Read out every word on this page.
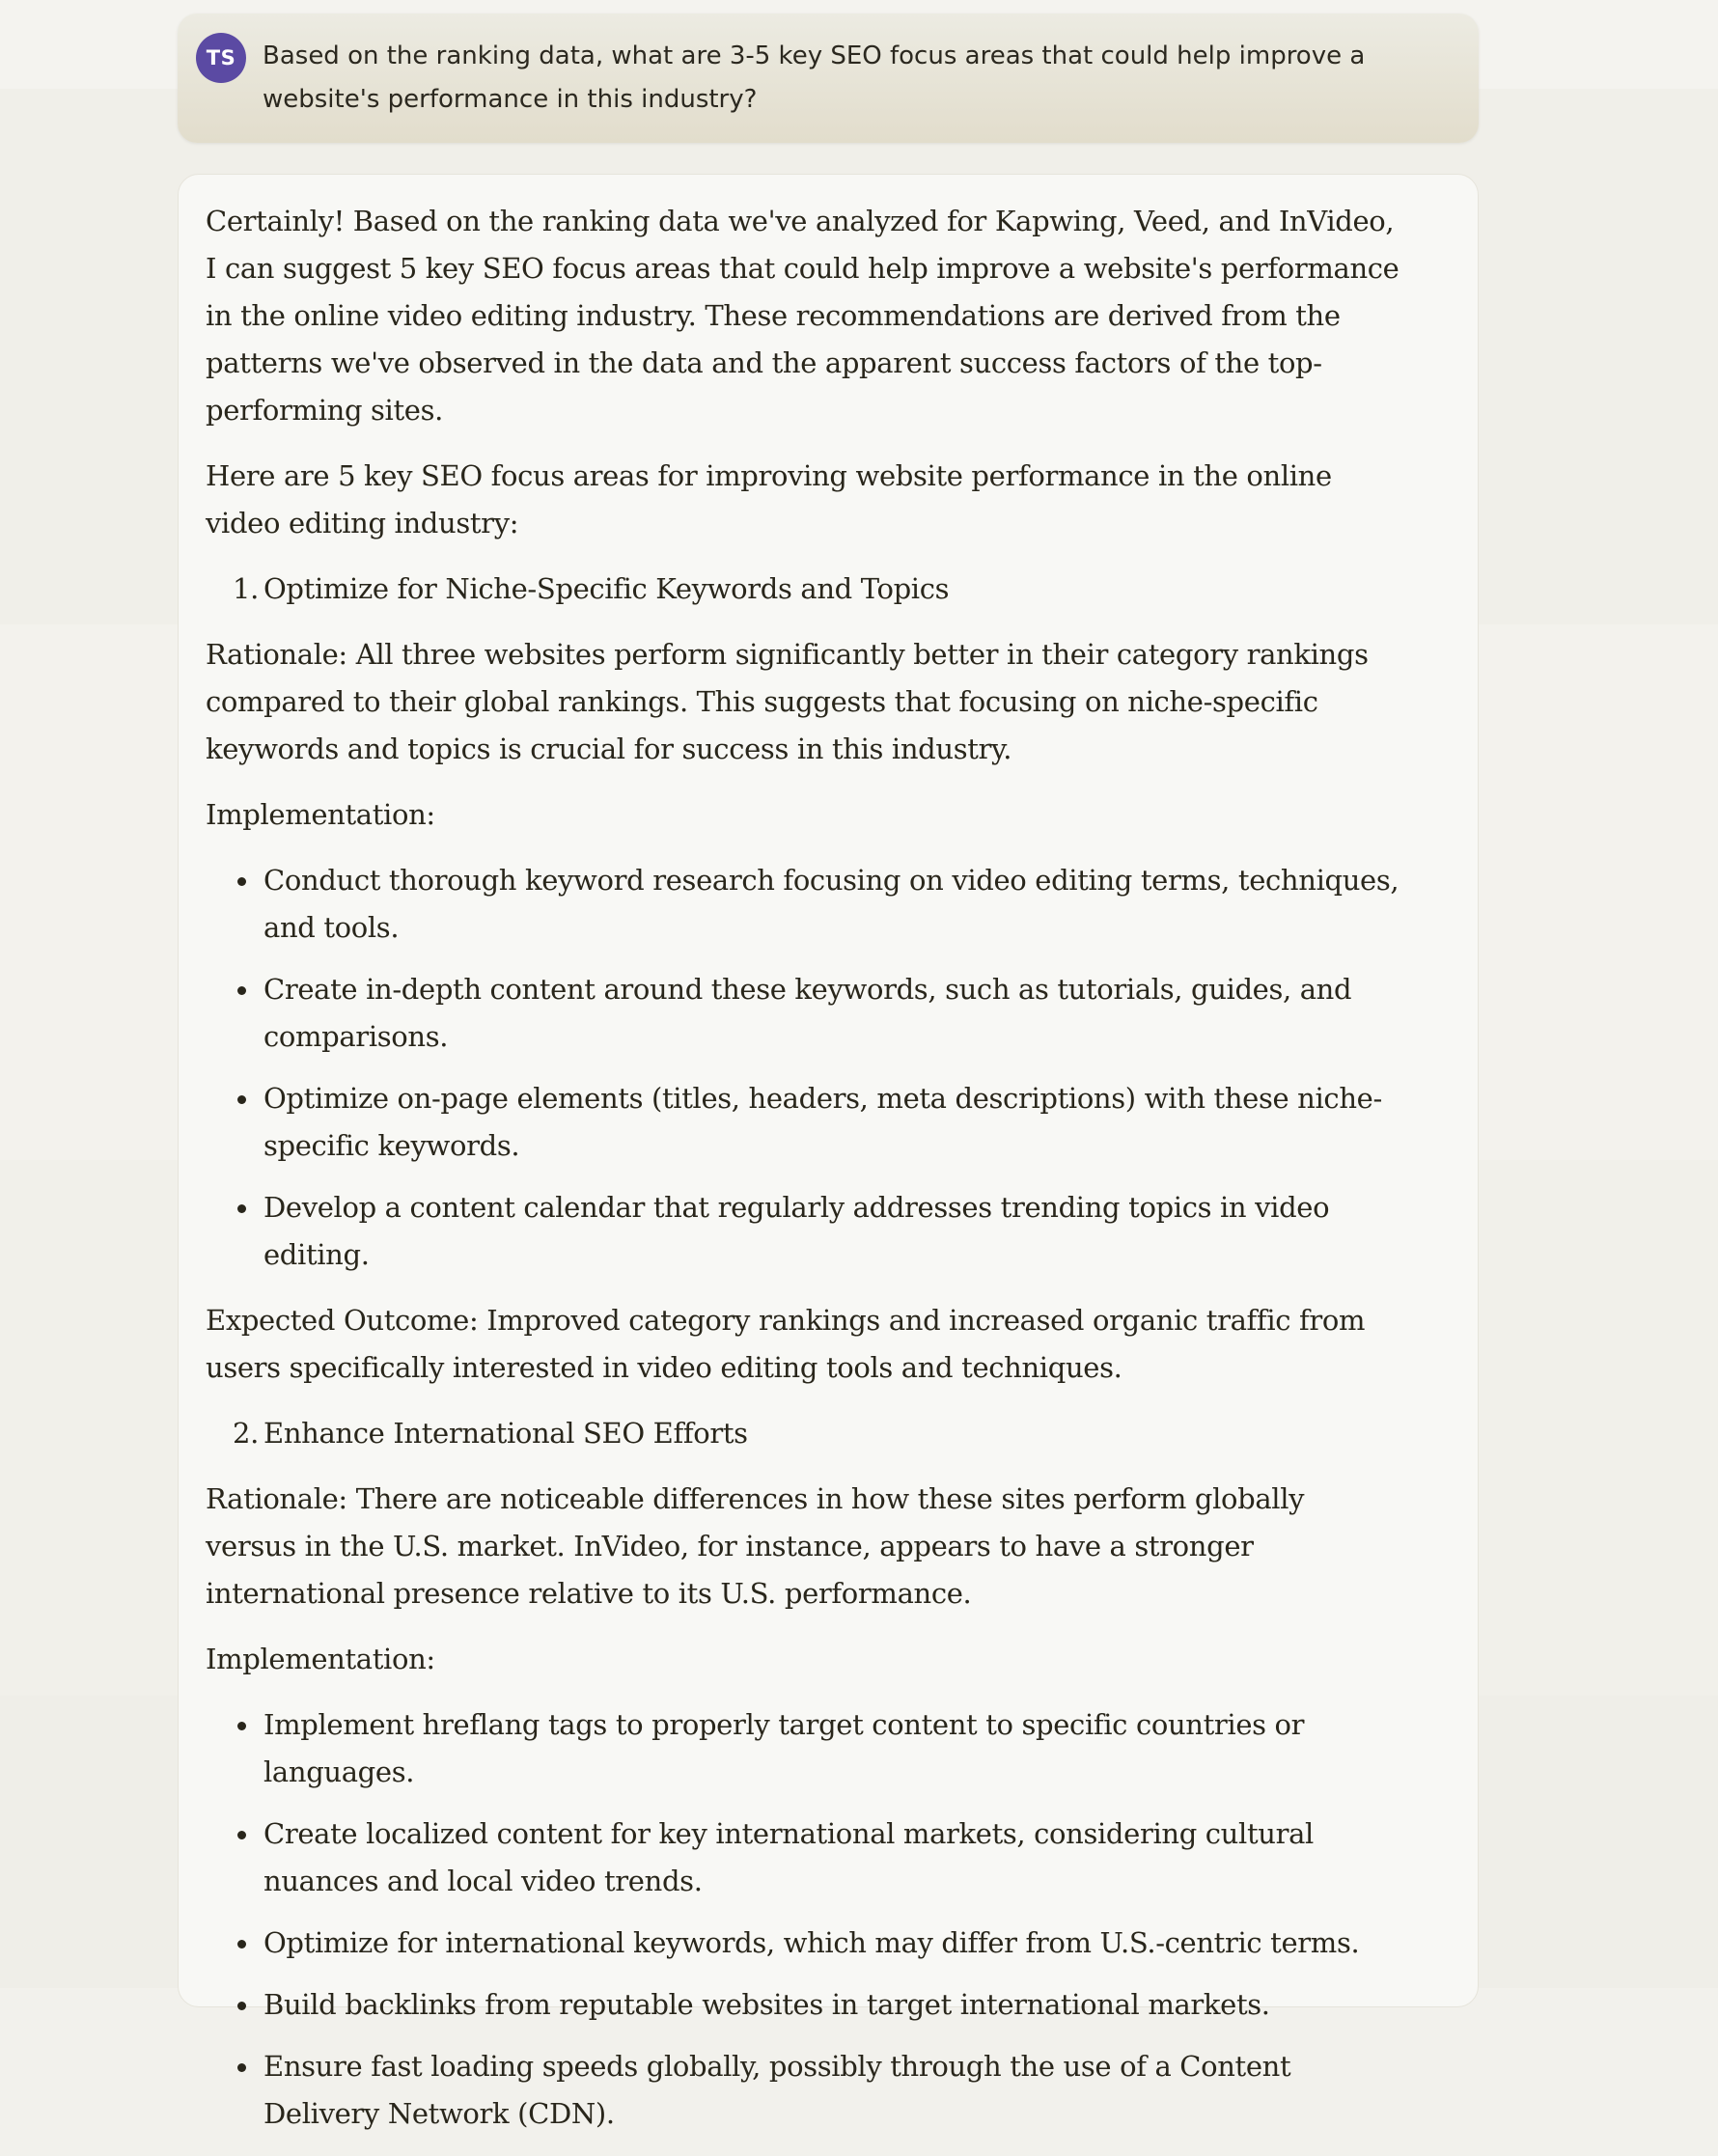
TS	Based on the ranking data, what are 3-5 key SEO focus areas that could help improve a website's performance in this industry?

Certainly! Based on the ranking data we've analyzed for Kapwing, Veed, and InVideo, I can suggest 5 key SEO focus areas that could help improve a website's performance in the online video editing industry. These recommendations are derived from the patterns we've observed in the data and the apparent success factors of the top-performing sites.

Here are 5 key SEO focus areas for improving website performance in the online video editing industry:

1. Optimize for Niche-Specific Keywords and Topics

Rationale: All three websites perform significantly better in their category rankings compared to their global rankings. This suggests that focusing on niche-specific keywords and topics is crucial for success in this industry.

Implementation:

Conduct thorough keyword research focusing on video editing terms, techniques, and tools.
Create in-depth content around these keywords, such as tutorials, guides, and comparisons.
Optimize on-page elements (titles, headers, meta descriptions) with these niche-specific keywords.
Develop a content calendar that regularly addresses trending topics in video editing.

Expected Outcome: Improved category rankings and increased organic traffic from users specifically interested in video editing tools and techniques.

2. Enhance International SEO Efforts

Rationale: There are noticeable differences in how these sites perform globally versus in the U.S. market. InVideo, for instance, appears to have a stronger international presence relative to its U.S. performance.

Implementation:

Implement hreflang tags to properly target content to specific countries or languages.
Create localized content for key international markets, considering cultural nuances and local video trends.
Optimize for international keywords, which may differ from U.S.-centric terms.
Build backlinks from reputable websites in target international markets.
Ensure fast loading speeds globally, possibly through the use of a Content Delivery Network (CDN).
